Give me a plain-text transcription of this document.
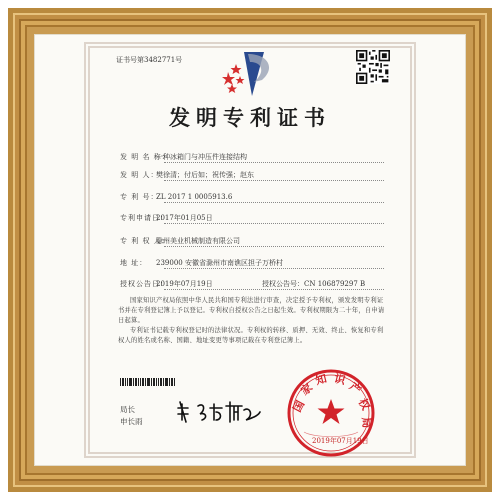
证书号第3482771号
发明专利证书
发 明 名 称：一种冰箱门与冲压件连接结构
发 明 人：樊徐清；付后如；祝传强；赵东
专 利 号：ZL 2017 1 0005913.6
专利申请日：2017年01月05日
专 利 权 人：滁州美业机械制造有限公司
地 址： 239000 安徽省滁州市南谯区担子万桥村
授权公告日：2019年07月19日	授权公告号：CN 106879297 B
国家知识产权局依照中华人民共和国专利法进行审查，决定授予专利权，颁发发明专利证书并在专利登记簿上予以登记。专利权自授权公告之日起生效。专利权期限为二十年，自申请日起算。
专利证书记载专利权登记时的法律状况。专利权的转移、质押、无效、终止、恢复和专利权人的姓名或名称、国籍、地址变更等事项记载在专利登记簿上。
局长
申长雨
国
家
知 识
产
权
局
2019年07月19日
